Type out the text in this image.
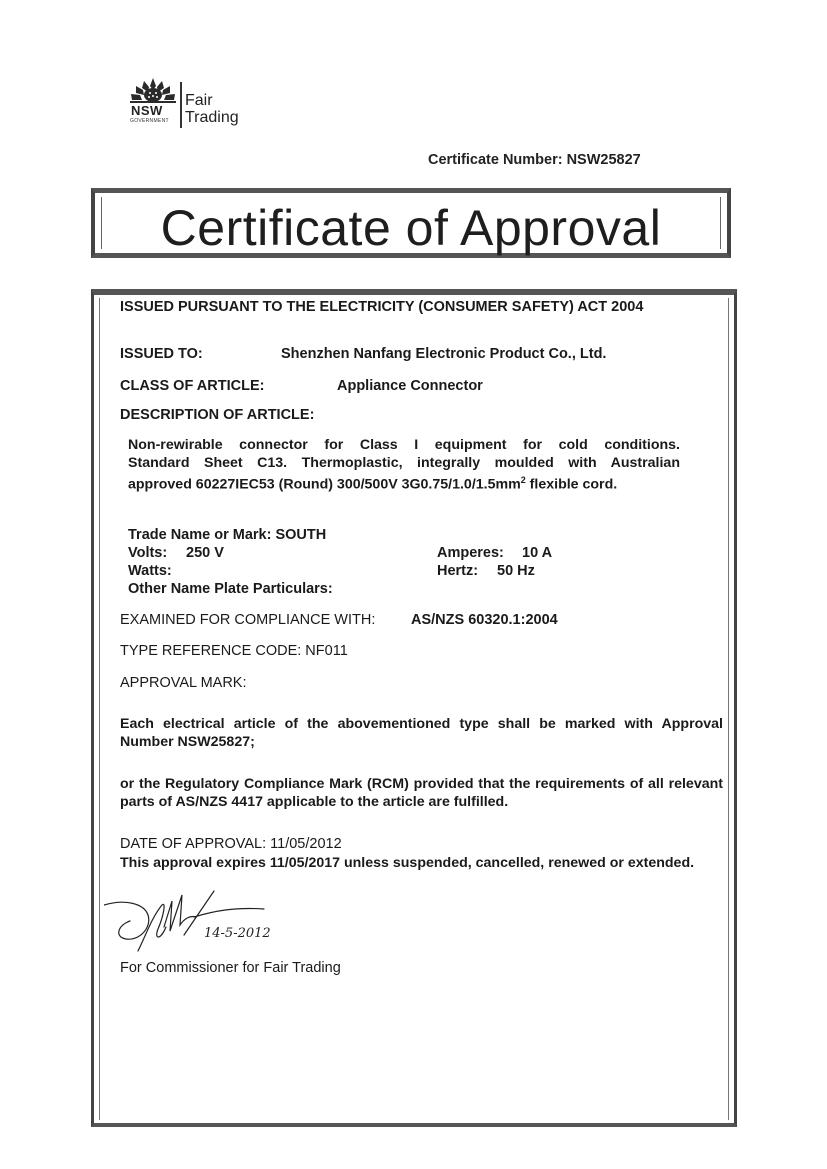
NSW
GOVERNMENT
Fair
Trading
Certificate Number: NSW25827
Certificate of Approval
ISSUED PURSUANT TO THE ELECTRICITY (CONSUMER SAFETY) ACT 2004
ISSUED TO:	Shenzhen Nanfang Electronic Product Co., Ltd.
CLASS OF ARTICLE:	Appliance Connector
DESCRIPTION OF ARTICLE:
Non-rewirable connector for Class I equipment for cold conditions.
Standard Sheet C13. Thermoplastic, integrally moulded with Australian
approved 60227IEC53 (Round) 300/500V $3G0.75/1.0/1.5mm^2$ flexible cord.
Trade Name or Mark: SOUTH
Volts: 250 V
Watts:
Other Name Plate Particulars:
Amperes: 10 A
Hertz: 50 Hz
EXAMINED FOR COMPLIANCE WITH: AS/NZS 60320.1:2004
TYPE REFERENCE CODE: NF011
APPROVAL MARK:
Each electrical article of the abovementioned type shall be marked with Approval Number NSW25827;
or the Regulatory Compliance Mark (RCM) provided that the requirements of all relevant parts of AS/NZS 4417 applicable to the article are fulfilled.
DATE OF APPROVAL: 11/05/2012
This approval expires 11/05/2017 unless suspended, cancelled, renewed or extended.
14-5-2012
For Commissioner for Fair Trading
